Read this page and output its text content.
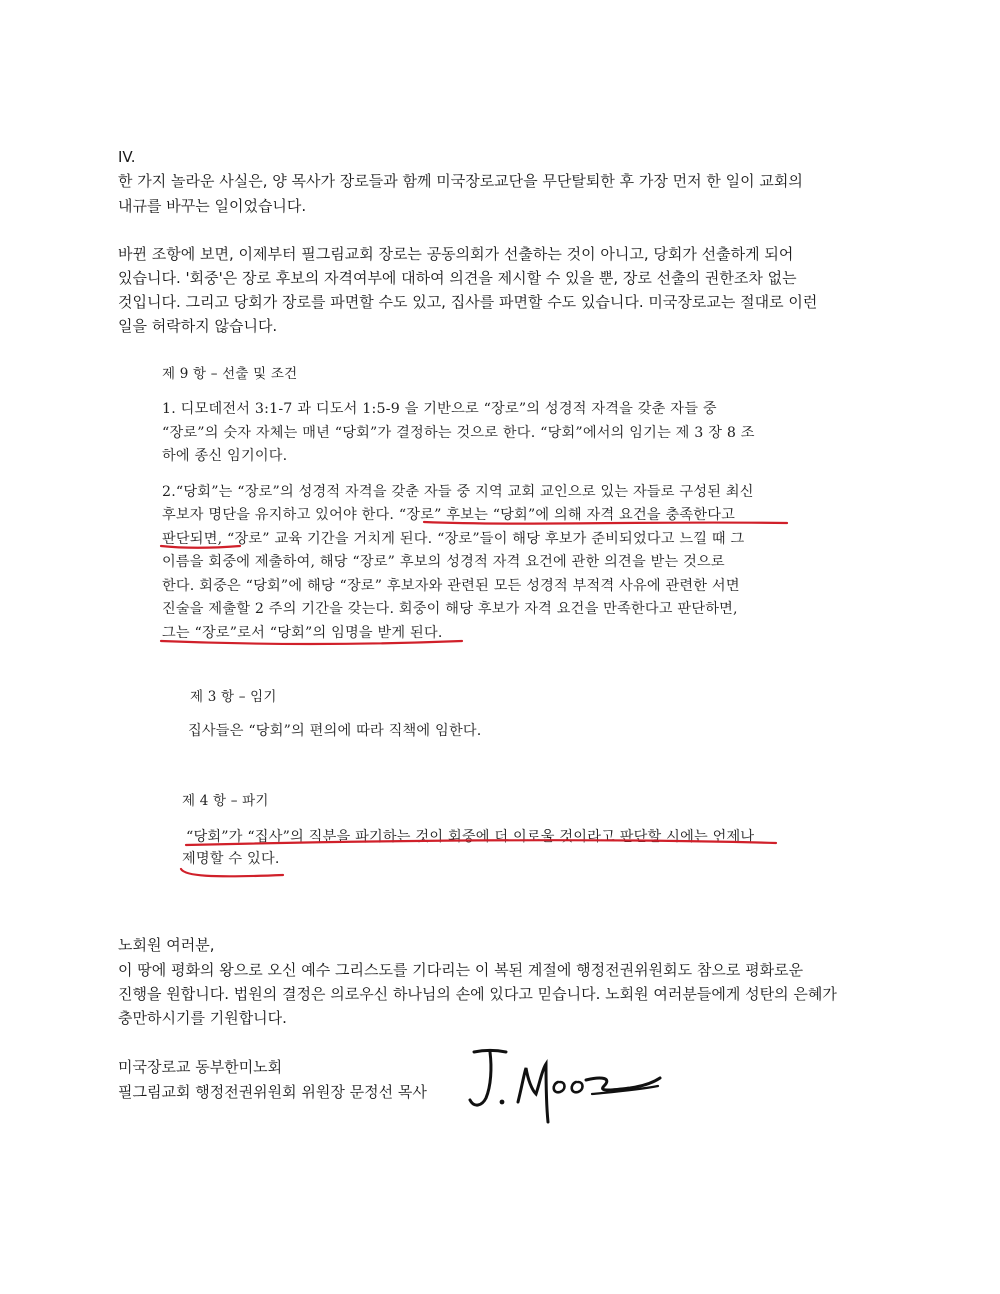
IV.

한 가지 놀라운 사실은, 양 목사가 장로들과 함께 미국장로교단을 무단탈퇴한 후 가장 먼저 한 일이 교회의

내규를 바꾸는 일이었습니다.

바뀐 조항에 보면, 이제부터 필그림교회 장로는 공동의회가 선출하는 것이 아니고, 당회가 선출하게 되어

있습니다. '회중'은 장로 후보의 자격여부에 대하여 의견을 제시할 수 있을 뿐, 장로 선출의 권한조차 없는

것입니다. 그리고 당회가 장로를 파면할 수도 있고, 집사를 파면할 수도 있습니다. 미국장로교는 절대로 이런

일을 허락하지 않습니다.

제 9 항 – 선출 및 조건

1. 디모데전서 3:1-7 과 디도서 1:5-9 을 기반으로 “장로”의 성경적 자격을 갖춘 자들 중

“장로”의 숫자 자체는 매년 “당회”가 결정하는 것으로 한다. “당회”에서의 임기는 제 3 장 8 조

하에 종신 임기이다.

2.“당회”는 “장로”의 성경적 자격을 갖춘 자들 중 지역 교회 교인으로 있는 자들로 구성된 최신

후보자 명단을 유지하고 있어야 한다. “장로” 후보는 “당회”에 의해 자격 요건을 충족한다고

판단되면, “장로” 교육 기간을 거치게 된다. “장로”들이 해당 후보가 준비되었다고 느낄 때 그

이름을 회중에 제출하여, 해당 “장로” 후보의 성경적 자격 요건에 관한 의견을 받는 것으로

한다. 회중은 “당회”에 해당 “장로” 후보자와 관련된 모든 성경적 부적격 사유에 관련한 서면

진술을 제출할 2 주의 기간을 갖는다. 회중이 해당 후보가 자격 요건을 만족한다고 판단하면,

그는 “장로”로서 “당회”의 임명을 받게 된다.

제 3 항 – 임기

집사들은 “당회”의 편의에 따라 직책에 임한다.

제 4 항 – 파기

“당회”가 “집사”의 직분을 파기하는 것이 회중에 더 이로울 것이라고 판단할 시에는 언제나

제명할 수 있다.

노회원 여러분,

이 땅에 평화의 왕으로 오신 예수 그리스도를 기다리는 이 복된 계절에 행정전권위원회도 참으로 평화로운

진행을 원합니다. 법원의 결정은 의로우신 하나님의 손에 있다고 믿습니다. 노회원 여러분들에게 성탄의 은혜가

충만하시기를 기원합니다.

미국장로교 동부한미노회

필그림교회 행정전권위원회 위원장 문정선 목사
